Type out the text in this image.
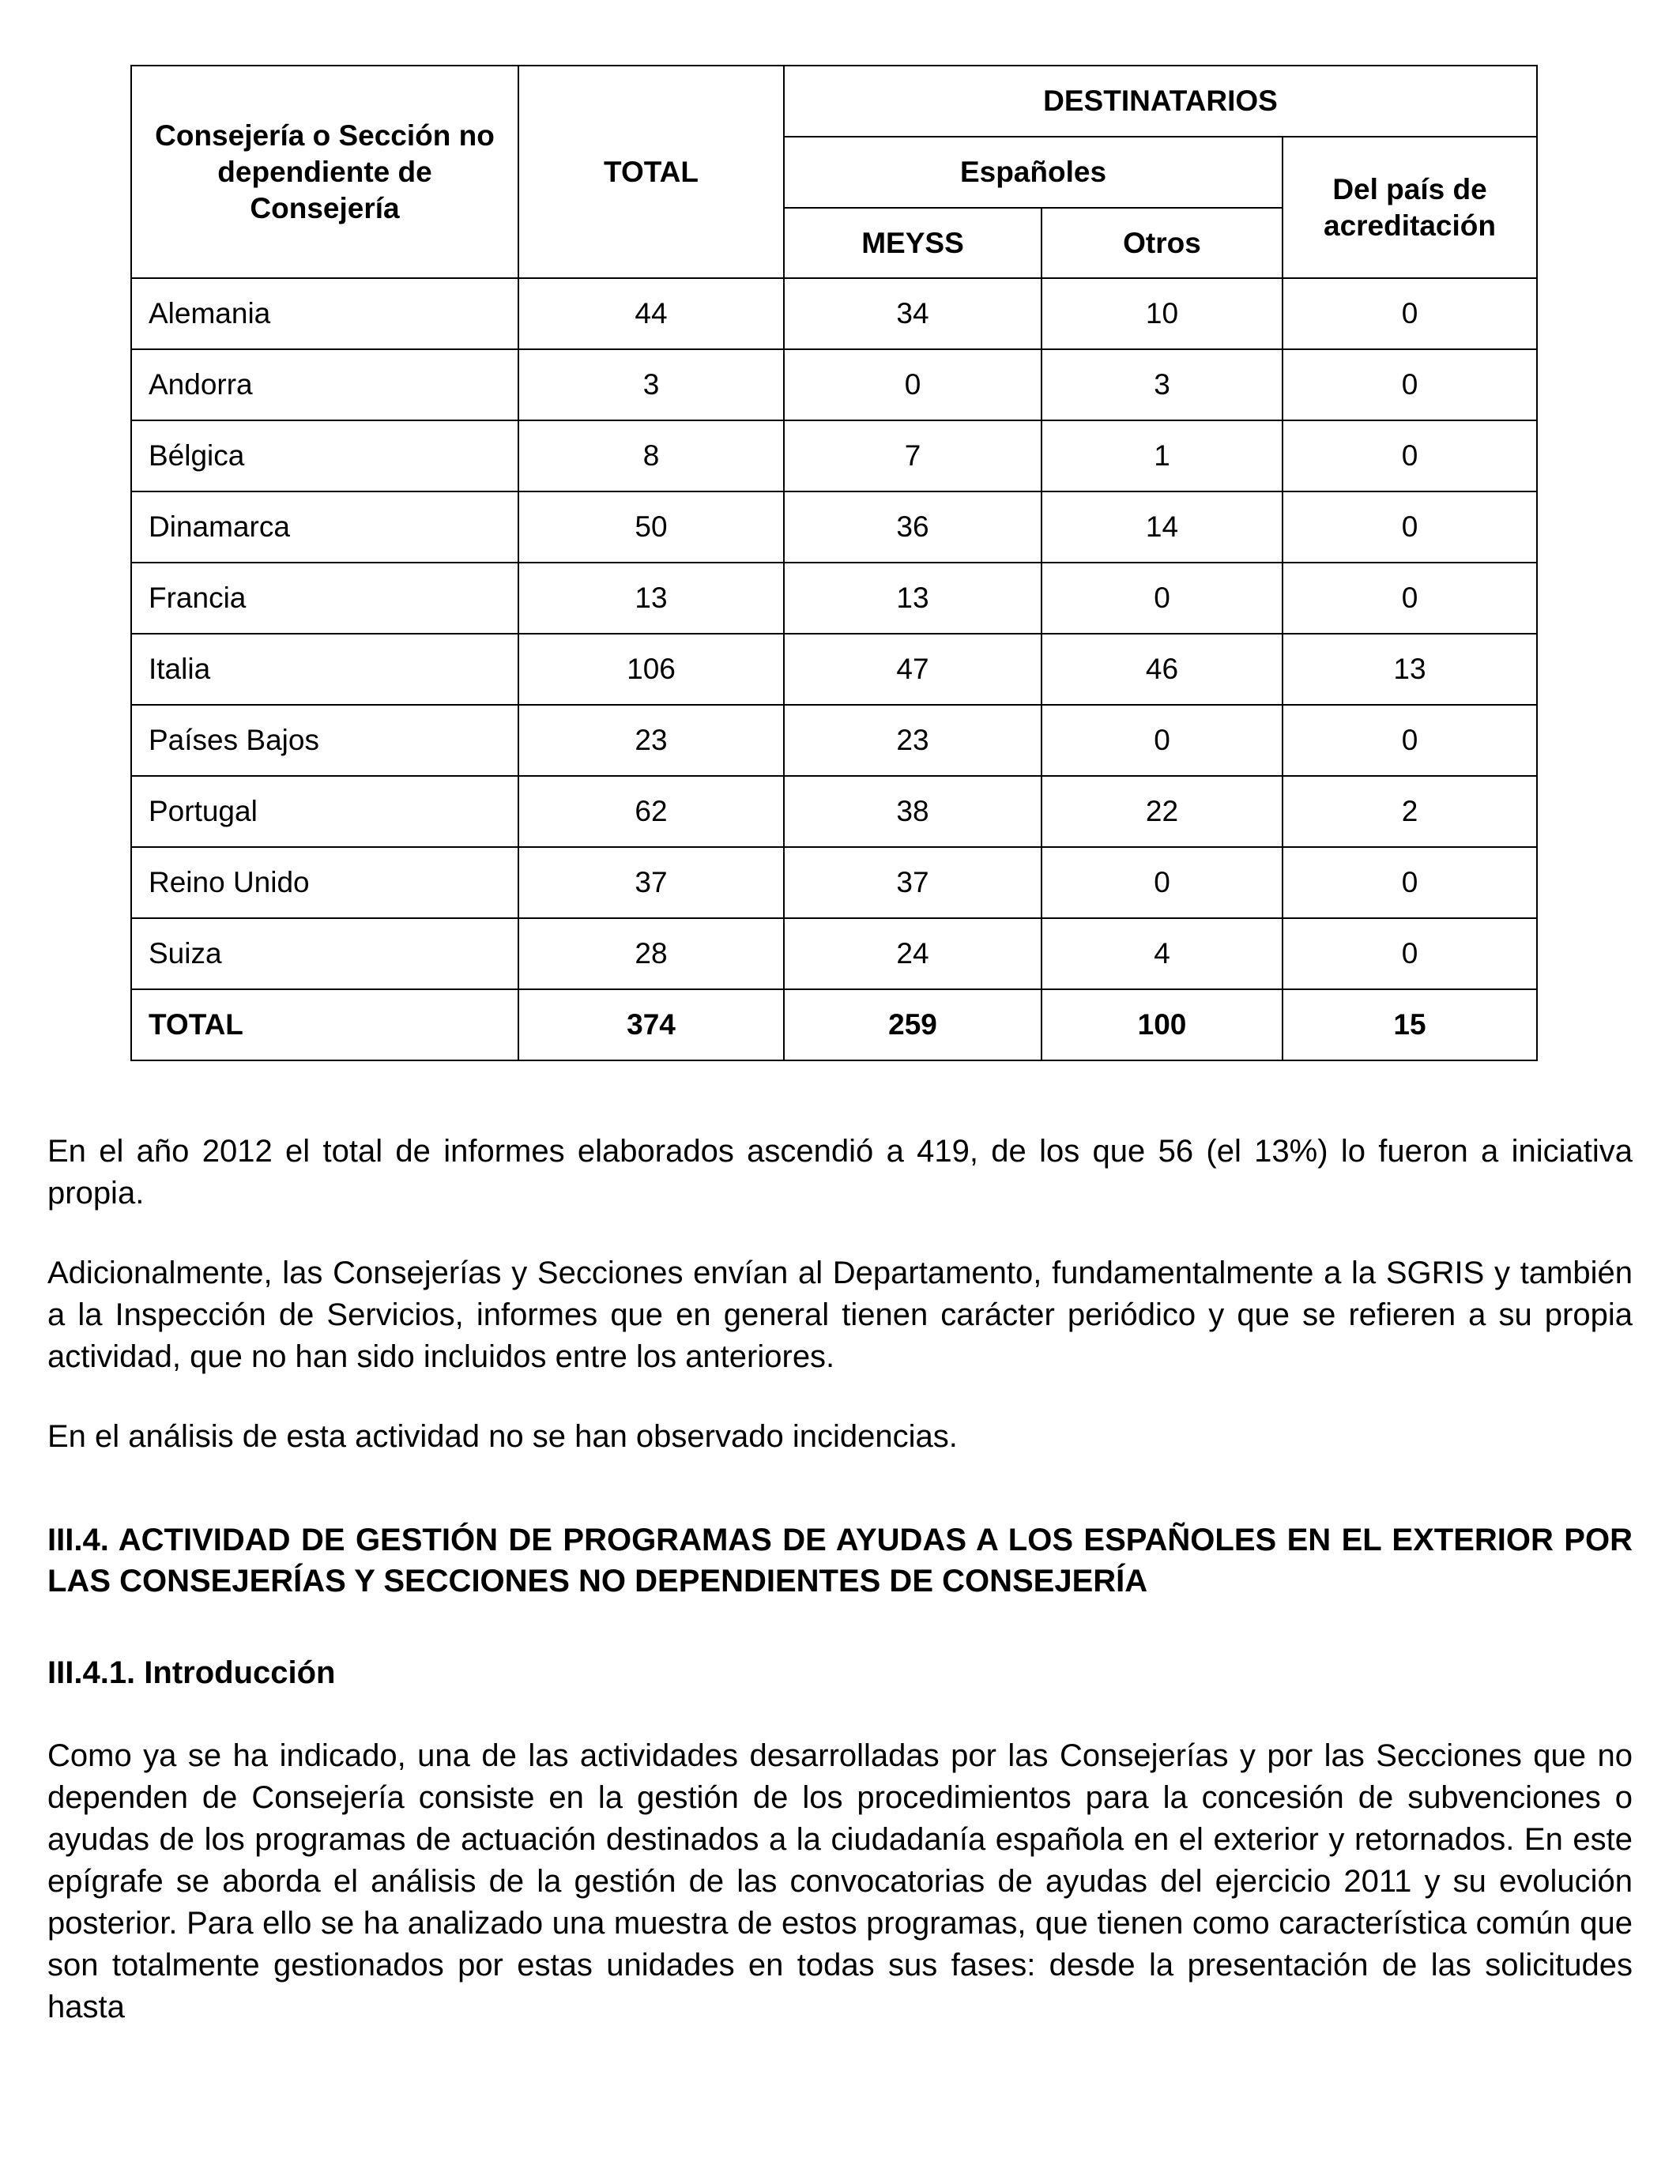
Consejería o Sección no dependiente de Consejería	TOTAL	DESTINATARIOS		
		Españoles		Del país de acreditación
		MEYSS	Otros	
Alemania	44	34	10	0
Andorra	3	0	3	0
Bélgica	8	7	1	0
Dinamarca	50	36	14	0
Francia	13	13	0	0
Italia	106	47	46	13
Países Bajos	23	23	0	0
Portugal	62	38	22	2
Reino Unido	37	37	0	0
Suiza	28	24	4	0
TOTAL	374	259	100	15

En el año 2012 el total de informes elaborados ascendió a 419, de los que 56 (el 13%) lo fueron a iniciativa propia.

Adicionalmente, las Consejerías y Secciones envían al Departamento, fundamentalmente a la SGRIS y también a la Inspección de Servicios, informes que en general tienen carácter periódico y que se refieren a su propia actividad, que no han sido incluidos entre los anteriores.

En el análisis de esta actividad no se han observado incidencias.

III.4. ACTIVIDAD DE GESTIÓN DE PROGRAMAS DE AYUDAS A LOS ESPAÑOLES EN EL EXTERIOR POR LAS CONSEJERÍAS Y SECCIONES NO DEPENDIENTES DE CONSEJERÍA
III.4.1. Introducción

Como ya se ha indicado, una de las actividades desarrolladas por las Consejerías y por las Secciones que no dependen de Consejería consiste en la gestión de los procedimientos para la concesión de subvenciones o ayudas de los programas de actuación destinados a la ciudadanía española en el exterior y retornados. En este epígrafe se aborda el análisis de la gestión de las convocatorias de ayudas del ejercicio 2011 y su evolución posterior. Para ello se ha analizado una muestra de estos programas, que tienen como característica común que son totalmente gestionados por estas unidades en todas sus fases: desde la presentación de las solicitudes hasta
